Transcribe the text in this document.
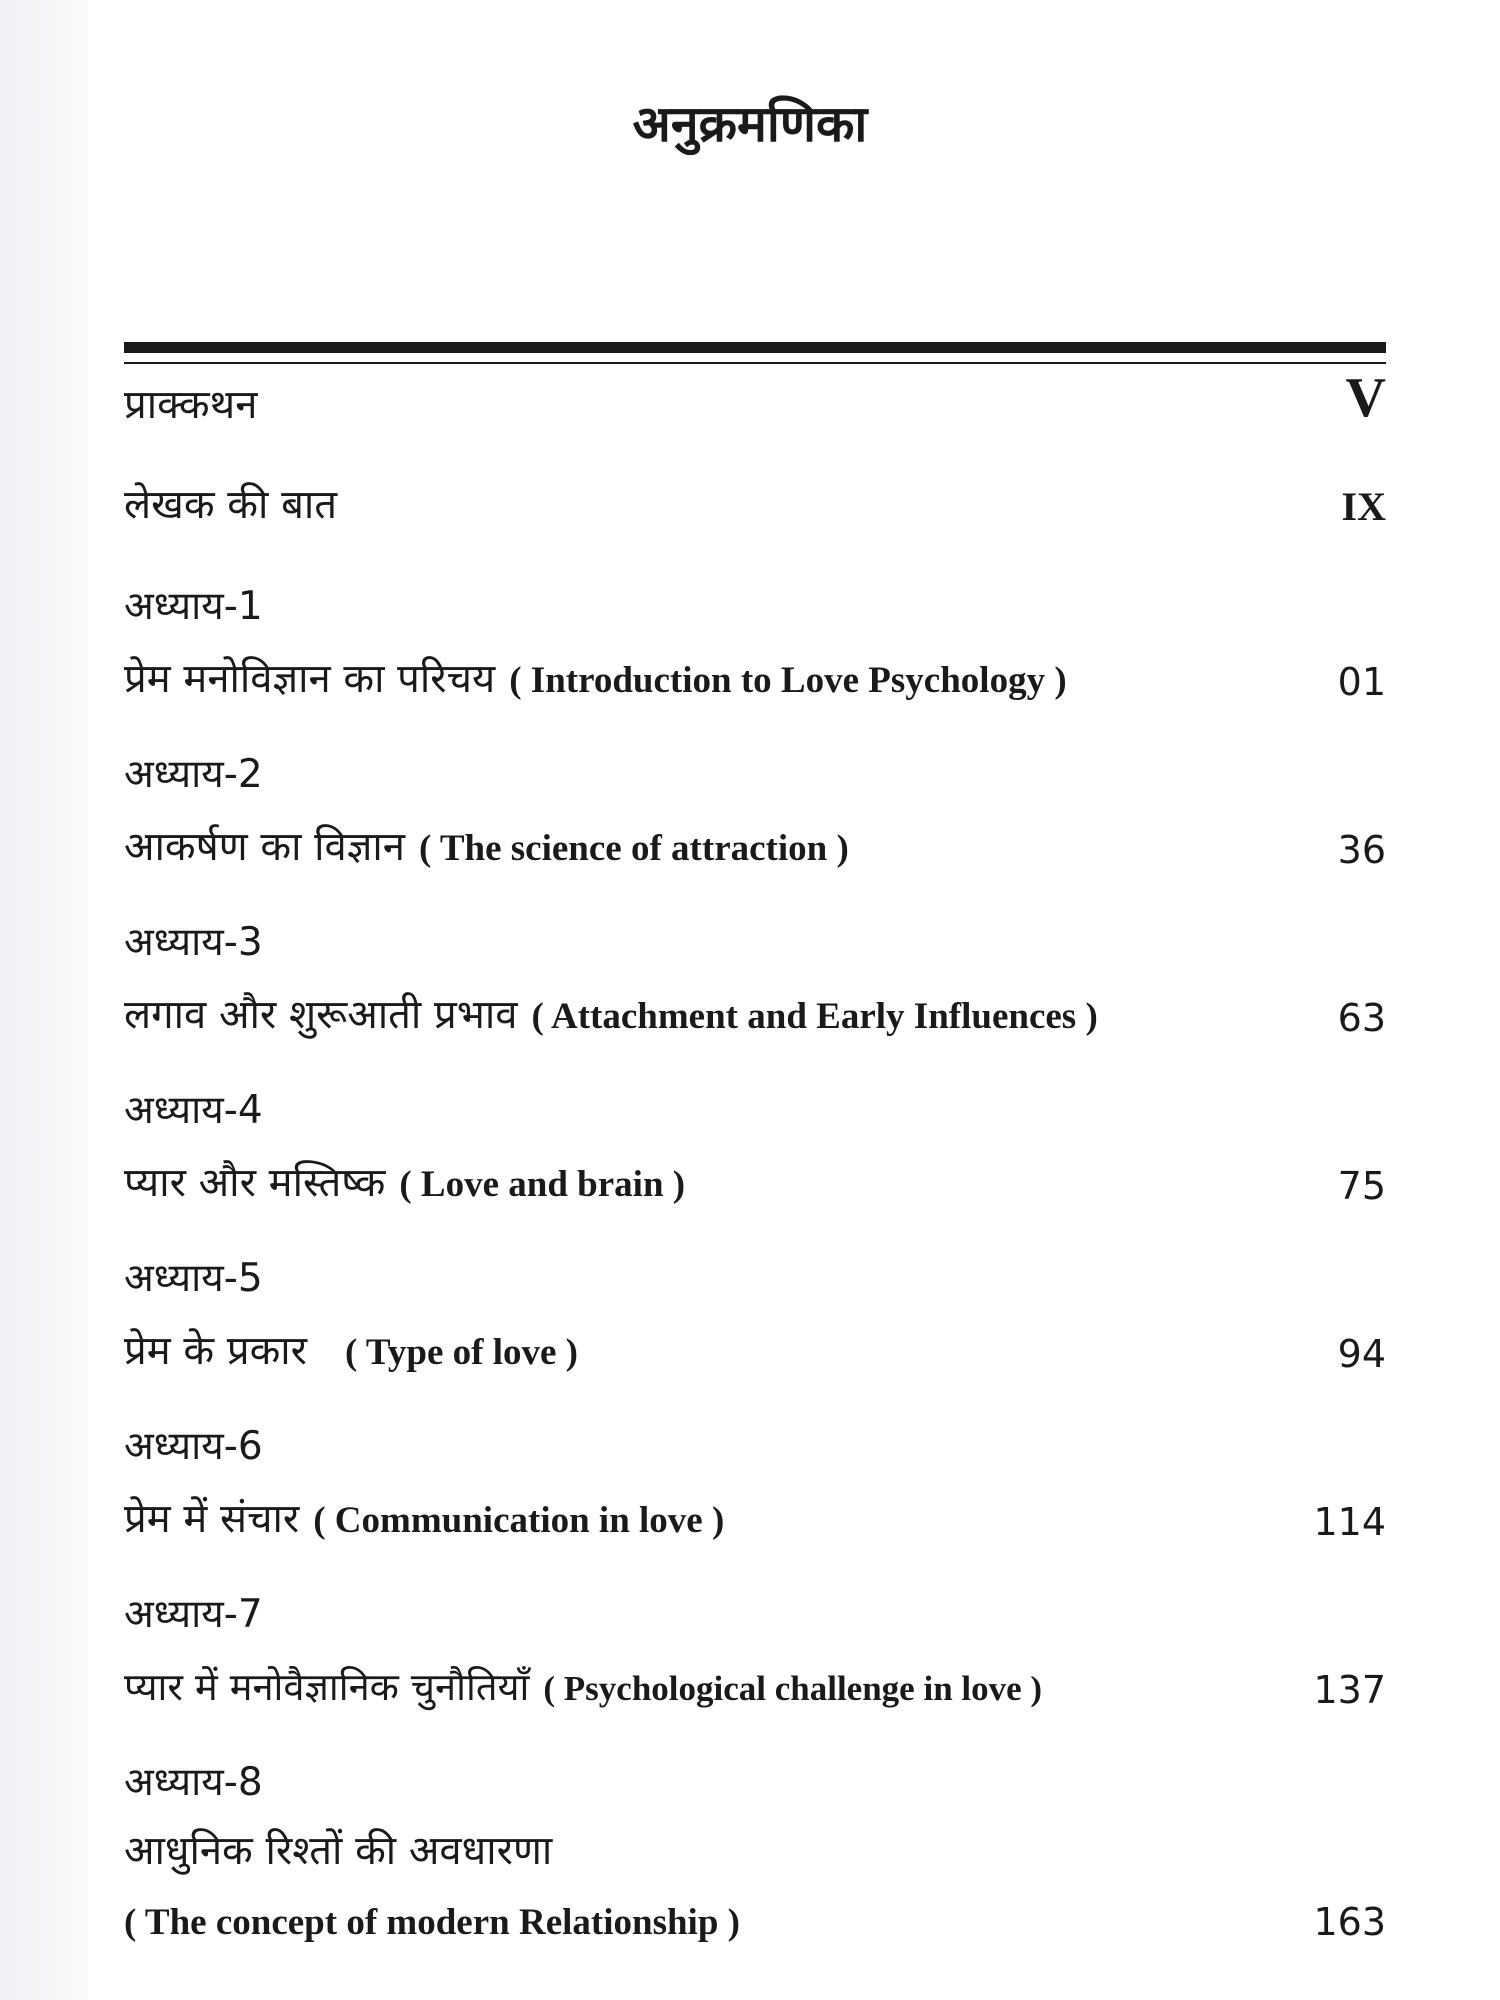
अनुक्रमणिका
प्राक्कथन	V
लेखक की बात	IX
अध्याय-1
प्रेम मनोविज्ञान का परिचय ( Introduction to Love Psychology )	01
अध्याय-2
आकर्षण का विज्ञान ( The science of attraction )	36
अध्याय-3
लगाव और शुरूआती प्रभाव ( Attachment and Early Influences )	63
अध्याय-4
प्यार और मस्तिष्क ( Love and brain )	75
अध्याय-5
प्रेम के प्रकार ( Type of love )	94
अध्याय-6
प्रेम में संचार ( Communication in love )	114
अध्याय-7
प्यार में मनोवैज्ञानिक चुनौतियाँ ( Psychological challenge in love )	137
अध्याय-8
आधुनिक रिश्तों की अवधारणा
( The concept of modern Relationship )	163
